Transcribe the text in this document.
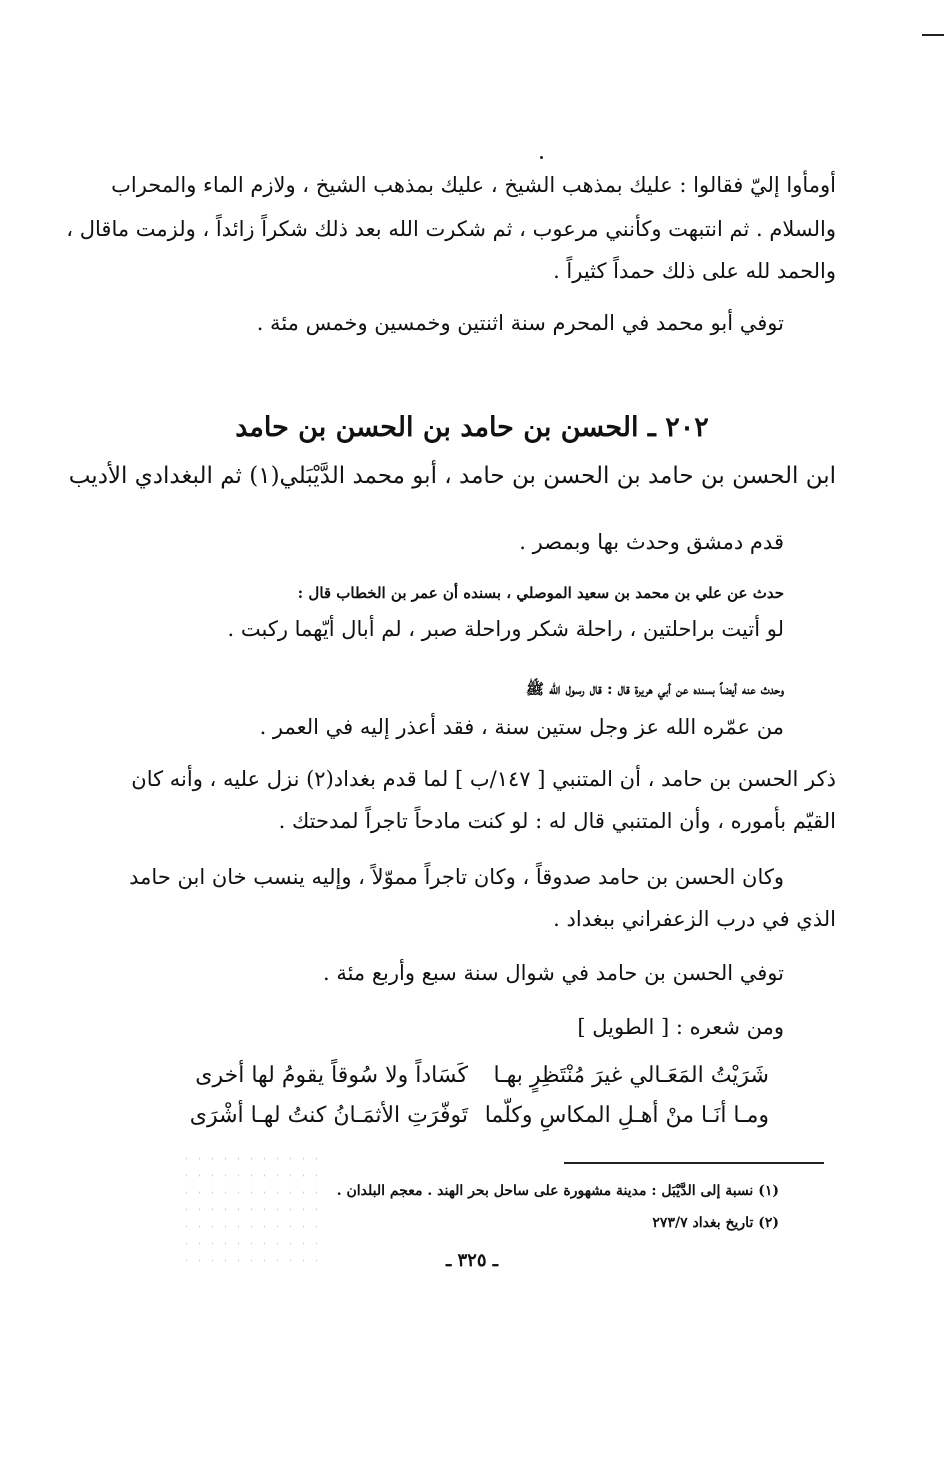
أومأوا إليّ فقالوا : عليك بمذهب الشيخ ، عليك بمذهب الشيخ ، ولازم الماء والمحراب
والسلام . ثم انتبهت وكأنني مرعوب ، ثم شكرت الله بعد ذلك شكراً زائداً ، ولزمت ماقال ،
والحمد لله على ذلك حمداً كثيراً .
توفي أبو محمد في المحرم سنة اثنتين وخمسين وخمس مئة .
٢٠٢ ـ الحسن بن حامد بن الحسن بن حامد
ابن الحسن بن حامد بن الحسن بن حامد ، أبو محمد الدَّيْبَلي(١) ثم البغدادي الأديب
قدم دمشق وحدث بها وبمصر .
حدث عن علي بن محمد بن سعيد الموصلي ، بسنده أن عمر بن الخطاب قال :
لو أتيت براحلتين ، راحلة شكر وراحلة صبر ، لم أبال أيّهما ركبت .
وحدث عنه أيضاً بسنده عن أبي هريرة قال : قال رسول الله ﷺ
من عمّره الله عز وجل ستين سنة ، فقد أعذر إليه في العمر .
ذكر الحسن بن حامد ، أن المتنبي [ ١٤٧/ب ] لما قدم بغداد(٢) نزل عليه ، وأنه كان
القيّم بأموره ، وأن المتنبي قال له : لو كنت مادحاً تاجراً لمدحتك .
وكان الحسن بن حامد صدوقاً ، وكان تاجراً مموّلاً ، وإليه ينسب خان ابن حامد
الذي في درب الزعفراني ببغداد .
توفي الحسن بن حامد في شوال سنة سبع وأربع مئة .
ومن شعره : [ الطويل ]
شَرَيْتُ المَعَـالي غيرَ مُنْتَظِرٍ بهـا
كَسَاداً ولا سُوقاً يقومُ لها أخرى
ومـا أنَـا منْ أهـلِ المكاسِ وكلّما
تَوفّرَتِ الأثمَـانُ كنتُ لهـا أشْرَى
(١) نسبة إلى الدَّيْبَل : مدينة مشهورة على ساحل بحر الهند . معجم البلدان .
(٢) تاريخ بغداد ٢٧٣/٧
ـ ٣٢٥ ـ
